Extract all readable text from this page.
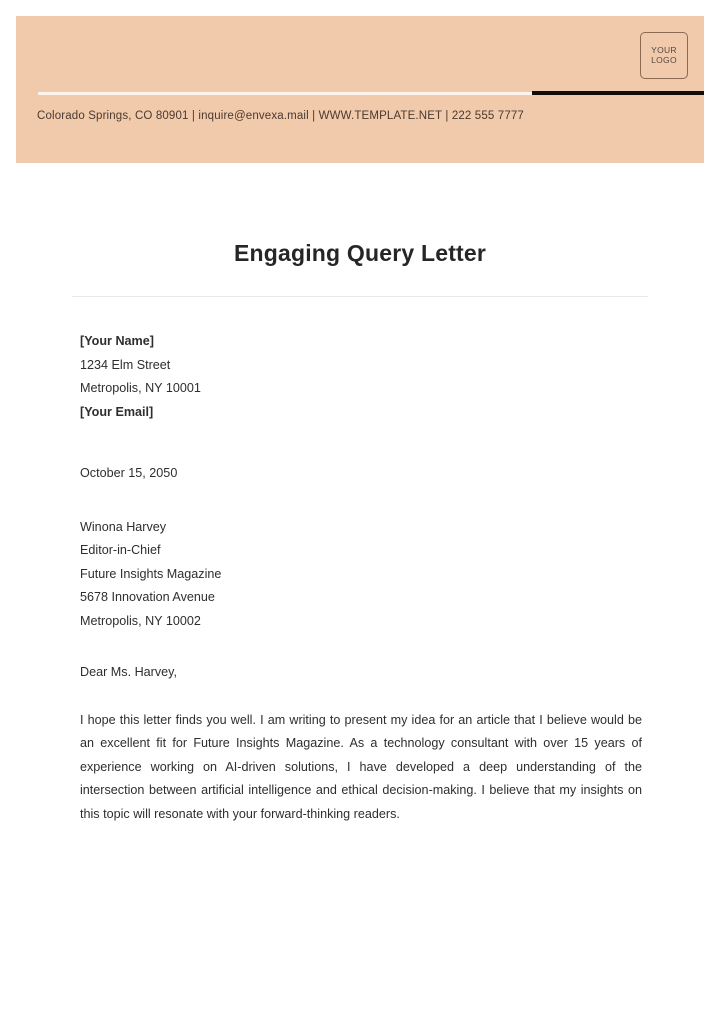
YOUR
LOGO
Colorado Springs, CO 80901 | inquire@envexa.mail | WWW.TEMPLATE.NET | 222 555 7777
Engaging Query Letter
[Your Name]
1234 Elm Street
Metropolis, NY 10001
[Your Email]
October 15, 2050
Winona Harvey
Editor-in-Chief
Future Insights Magazine
5678 Innovation Avenue
Metropolis, NY 10002
Dear Ms. Harvey,

I hope this letter finds you well. I am writing to present my idea for an article that I believe would be an excellent fit for Future Insights Magazine. As a technology consultant with over 15 years of experience working on AI-driven solutions, I have developed a deep understanding of the intersection between artificial intelligence and ethical decision-making. I believe that my insights on this topic will resonate with your forward-thinking readers.
